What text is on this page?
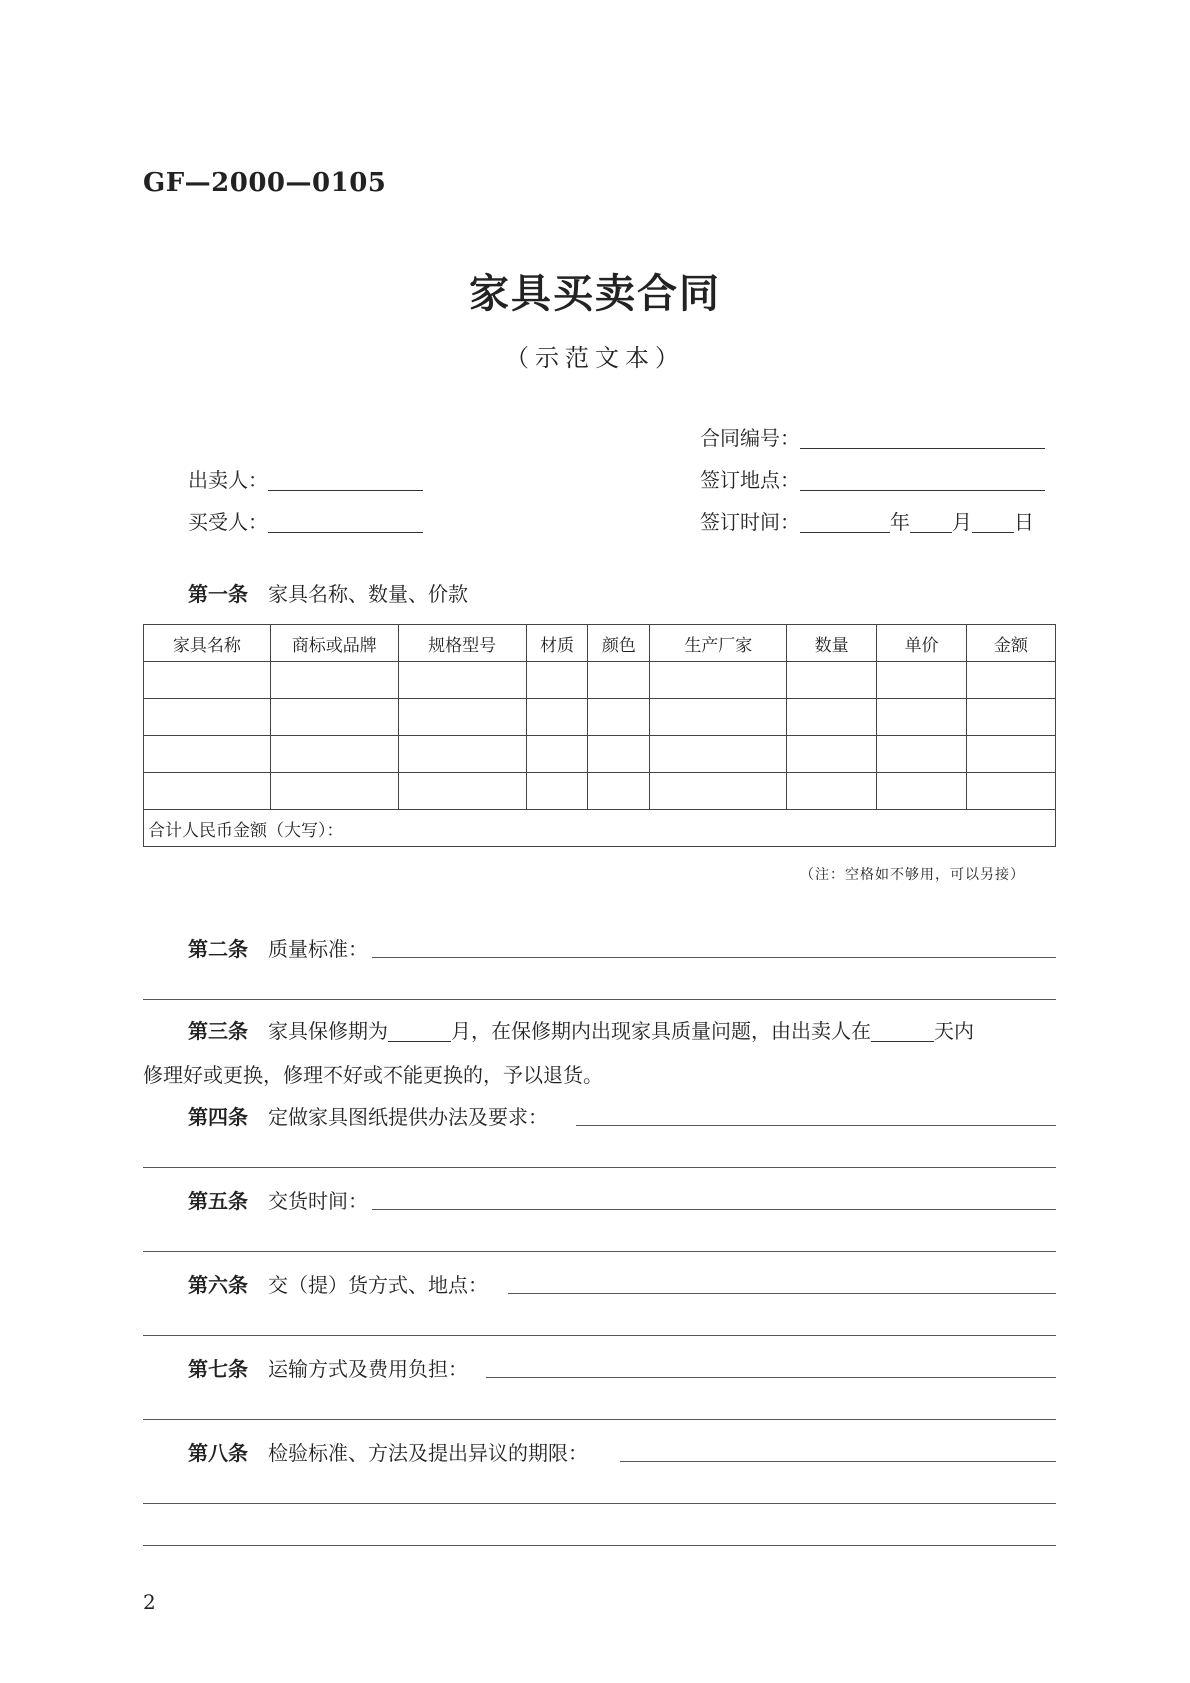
GF—2000—0105
家具买卖合同
（示范文本）
合同编号：
出卖人：	签订地点：
买受人：	签订时间：	年 月 日
第一条 家具名称、数量、价款
家具名称	商标或品牌	规格型号	材质	颜色	生产厂家	数量	单价	金额

合计人民币金额（大写）：								
（注：空格如不够用，可以另接）
第二条 质量标准：
第三条 家具保修期为	月，在保修期内出现家具质量问题，由出卖人在	天内
修理好或更换，修理不好或不能更换的，予以退货。
第四条 定做家具图纸提供办法及要求：
第五条 交货时间：
第六条 交（提）货方式、地点：
第七条 运输方式及费用负担：
第八条 检验标准、方法及提出异议的期限：
2
